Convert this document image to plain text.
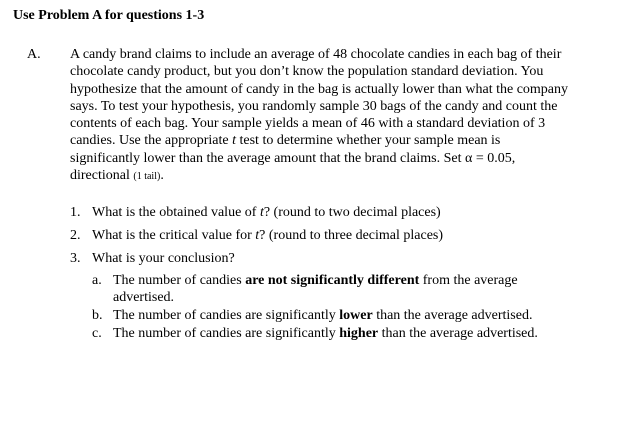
Use Problem A for questions 1-3
A. A candy brand claims to include an average of 48 chocolate candies in each bag of their
chocolate candy product, but you don’t know the population standard deviation. You
hypothesize that the amount of candy in the bag is actually lower than what the company
says. To test your hypothesis, you randomly sample 30 bags of the candy and count the
contents of each bag. Your sample yields a mean of 46 with a standard deviation of 3
candies. Use the appropriate t test to determine whether your sample mean is
significantly lower than the average amount that the brand claims. Set α = 0.05,
directional (1 tail).
1. What is the obtained value of t? (round to two decimal places)
2. What is the critical value for t? (round to three decimal places)
3. What is your conclusion?
a. The number of candies are not significantly different from the average
advertised.
b. The number of candies are significantly lower than the average advertised.
c. The number of candies are significantly higher than the average advertised.
